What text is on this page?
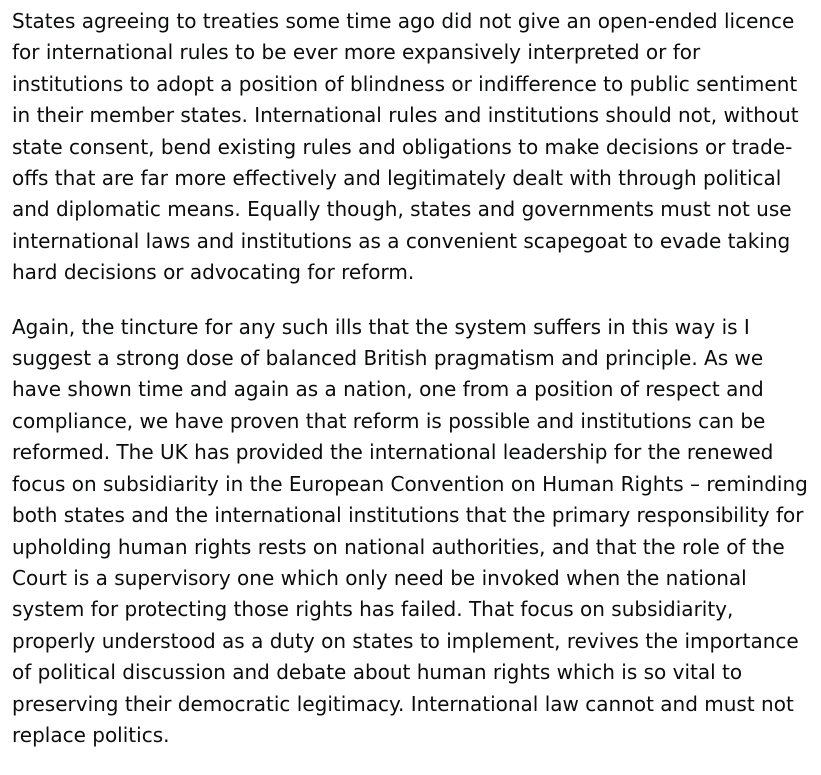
States agreeing to treaties some time ago did not give an open-ended licence for international rules to be ever more expansively interpreted or for institutions to adopt a position of blindness or indifference to public sentiment in their member states. International rules and institutions should not, without state consent, bend existing rules and obligations to make decisions or trade-offs that are far more effectively and legitimately dealt with through political and diplomatic means. Equally though, states and governments must not use international laws and institutions as a convenient scapegoat to evade taking hard decisions or advocating for reform.

Again, the tincture for any such ills that the system suffers in this way is I suggest a strong dose of balanced British pragmatism and principle. As we have shown time and again as a nation, one from a position of respect and compliance, we have proven that reform is possible and institutions can be reformed. The UK has provided the international leadership for the renewed focus on subsidiarity in the European Convention on Human Rights – reminding both states and the international institutions that the primary responsibility for upholding human rights rests on national authorities, and that the role of the Court is a supervisory one which only need be invoked when the national system for protecting those rights has failed. That focus on subsidiarity, properly understood as a duty on states to implement, revives the importance of political discussion and debate about human rights which is so vital to preserving their democratic legitimacy. International law cannot and must not replace politics.
